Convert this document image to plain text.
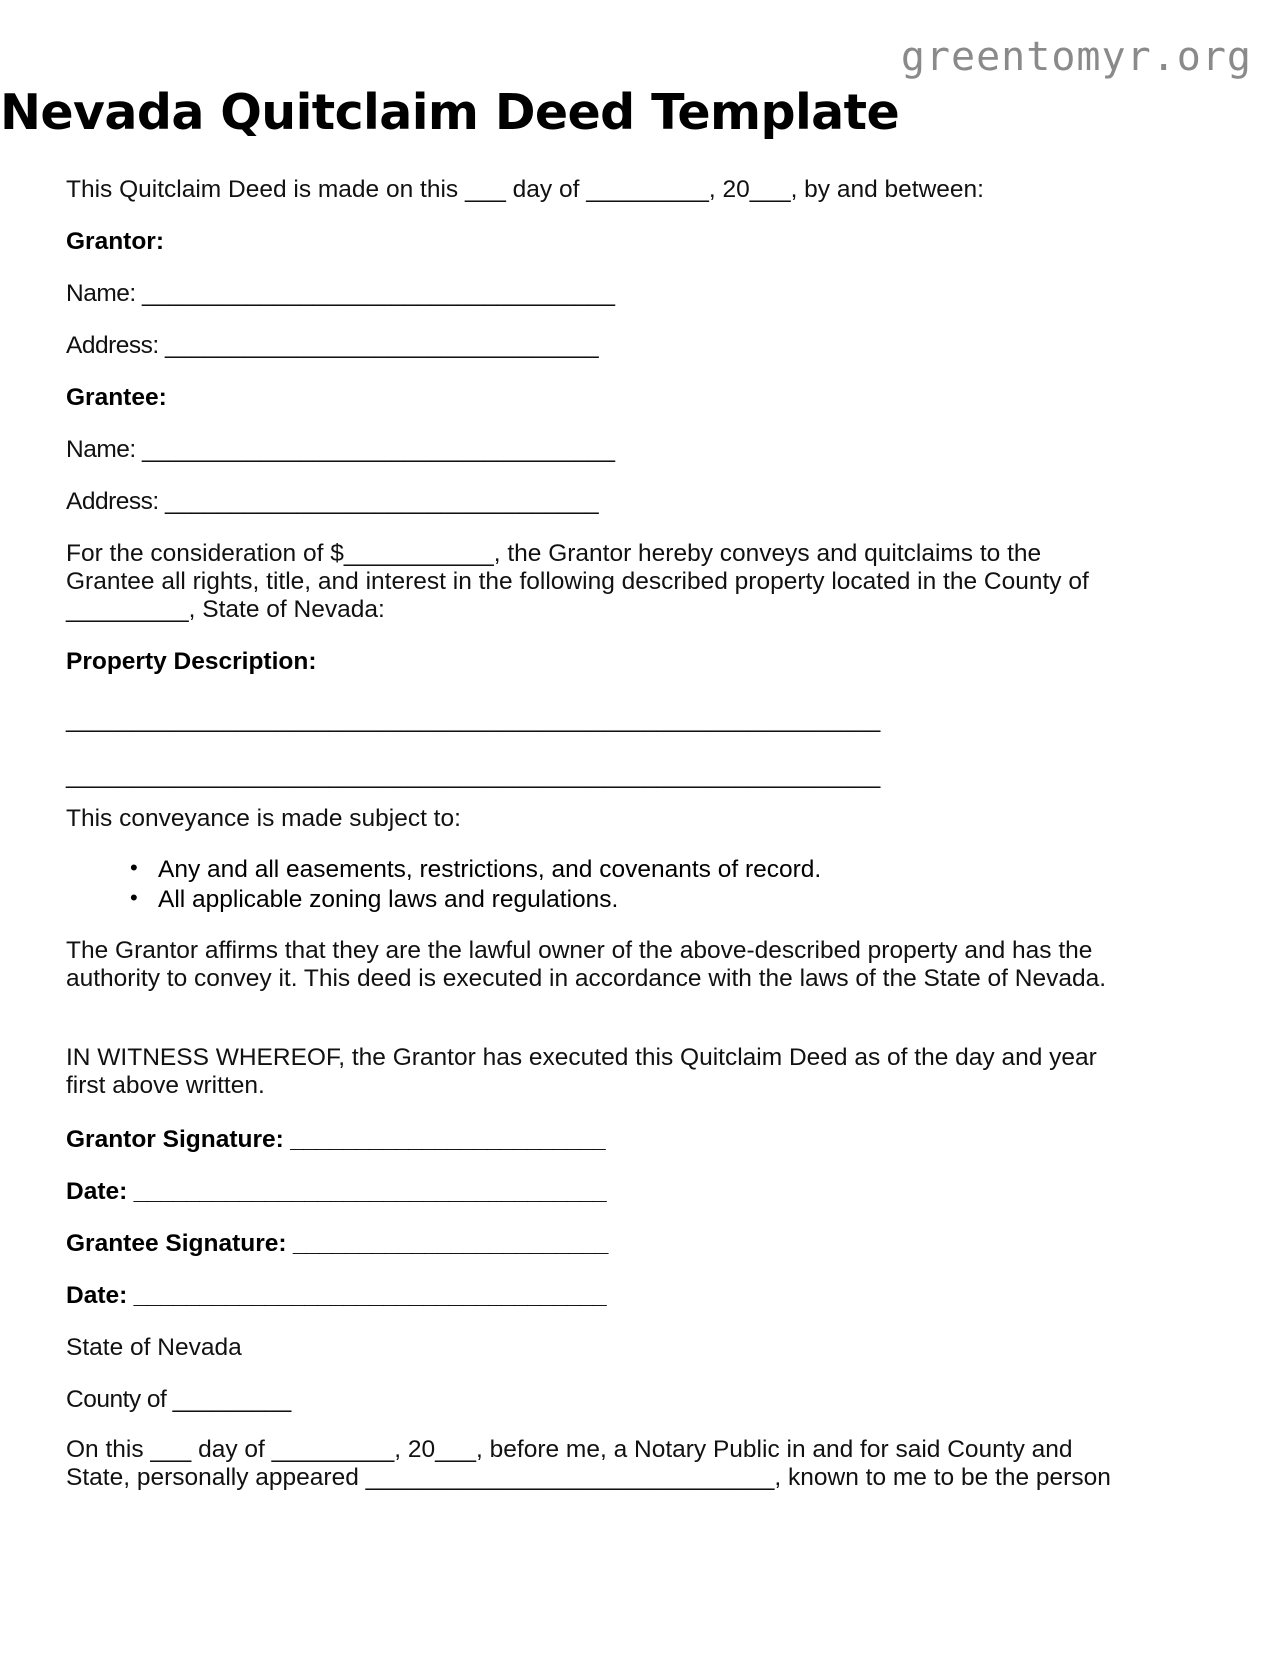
greentomyr.org
Nevada Quitclaim Deed Template
This Quitclaim Deed is made on this ___ day of _________, 20___, by and between:
Grantor:
Name: ____________________________________
Address: _________________________________
Grantee:
Name: ____________________________________
Address: _________________________________
For the consideration of $___________, the Grantor hereby conveys and quitclaims to the Grantee all rights, title, and interest in the following described property located in the County of _________, State of Nevada:
Property Description:
______________________________________________________________
______________________________________________________________
This conveyance is made subject to:
• Any and all easements, restrictions, and covenants of record.
• All applicable zoning laws and regulations.
The Grantor affirms that they are the lawful owner of the above-described property and has the authority to convey it. This deed is executed in accordance with the laws of the State of Nevada.
IN WITNESS WHEREOF, the Grantor has executed this Quitclaim Deed as of the day and year first above written.
Grantor Signature: ________________________
Date: ____________________________________
Grantee Signature: ________________________
Date: ____________________________________
State of Nevada
County of _________
On this ___ day of _________, 20___, before me, a Notary Public in and for said County and State, personally appeared ______________________________, known to me to be the person
